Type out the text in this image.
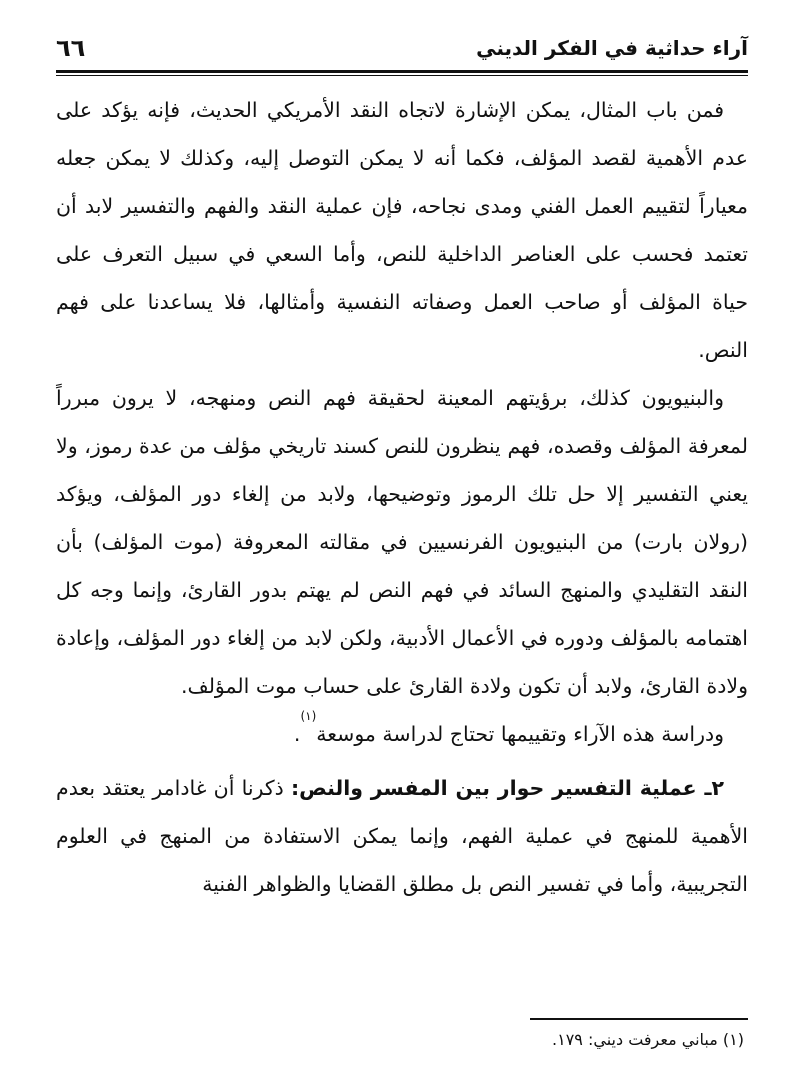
٦٦	آراء حداثية في الفكر الديني

فمن باب المثال، يمكن الإشارة لاتجاه النقد الأمريكي الحديث، فإنه يؤكد على عدم الأهمية لقصد المؤلف، فكما أنه لا يمكن التوصل إليه، وكذلك لا يمكن جعله معياراً لتقييم العمل الفني ومدى نجاحه، فإن عملية النقد والفهم والتفسير لابد أن تعتمد فحسب على العناصر الداخلية للنص، وأما السعي في سبيل التعرف على حياة المؤلف أو صاحب العمل وصفاته النفسية وأمثالها، فلا يساعدنا على فهم النص.

والبنيويون كذلك، برؤيتهم المعينة لحقيقة فهم النص ومنهجه، لا يرون مبرراً لمعرفة المؤلف وقصده، فهم ينظرون للنص كسند تاريخي مؤلف من عدة رموز، ولا يعني التفسير إلا حل تلك الرموز وتوضيحها، ولابد من إلغاء دور المؤلف، ويؤكد (رولان بارت) من البنيويون الفرنسيين في مقالته المعروفة (موت المؤلف) بأن النقد التقليدي والمنهج السائد في فهم النص لم يهتم بدور القارئ، وإنما وجه كل اهتمامه بالمؤلف ودوره في الأعمال الأدبية، ولكن لابد من إلغاء دور المؤلف، وإعادة ولادة القارئ، ولابد أن تكون ولادة القارئ على حساب موت المؤلف.

ودراسة هذه الآراء وتقييمها تحتاج لدراسة موسعة$^{(١)}$.

٢ـ عملية التفسير حوار بين المفسر والنص: ذكرنا أن غادامر يعتقد بعدم الأهمية للمنهج في عملية الفهم، وإنما يمكن الاستفادة من المنهج في العلوم التجريبية، وأما في تفسير النص بل مطلق القضايا والظواهر الفنية

(١) مباني معرفت ديني: ١٧٩.
